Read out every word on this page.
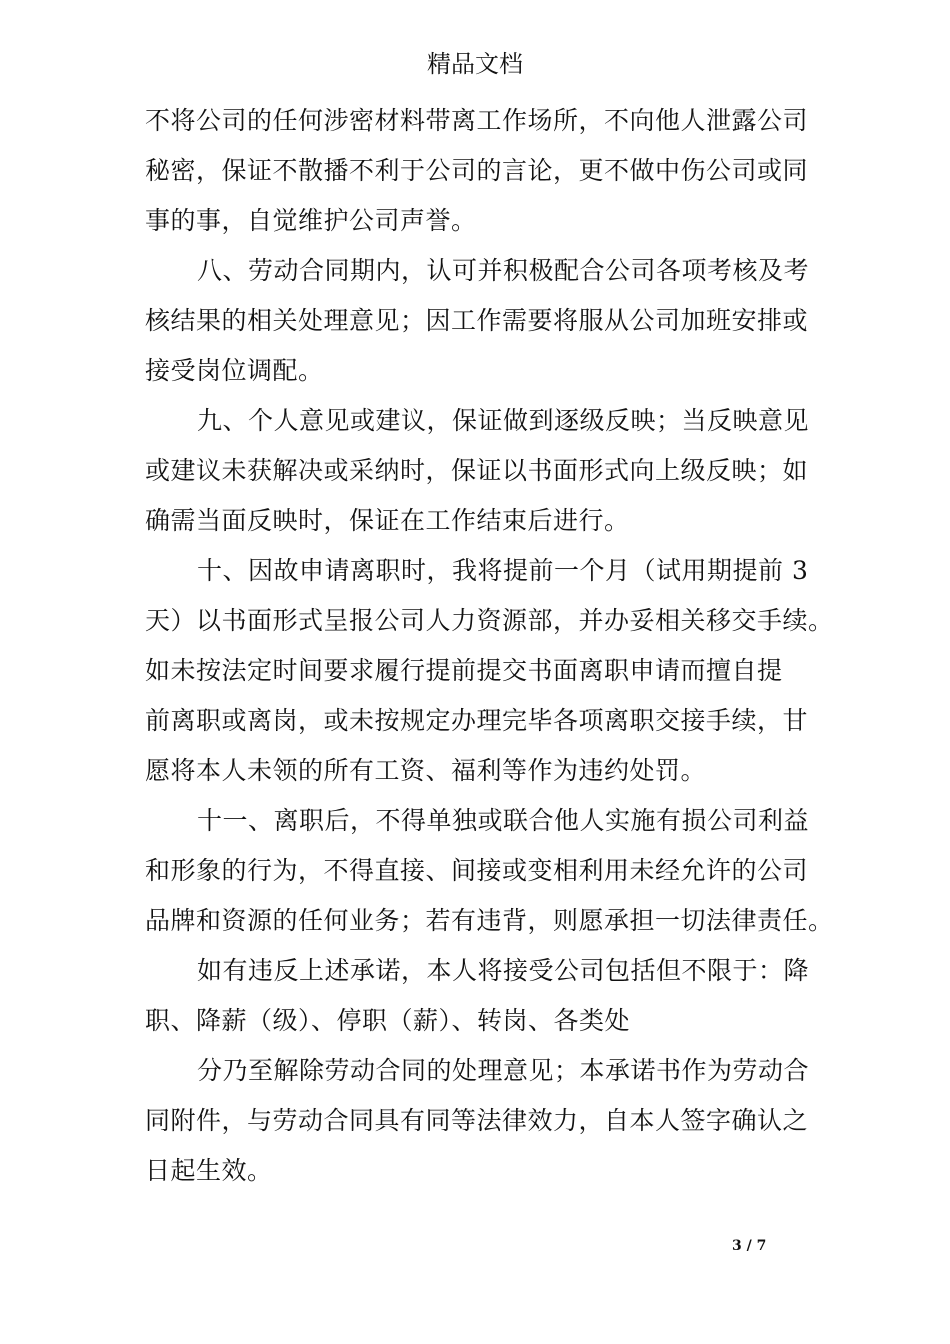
精品文档
不将公司的任何涉密材料带离工作场所，不向他人泄露公司
秘密，保证不散播不利于公司的言论，更不做中伤公司或同
事的事，自觉维护公司声誉。
八、劳动合同期内，认可并积极配合公司各项考核及考
核结果的相关处理意见；因工作需要将服从公司加班安排或
接受岗位调配。
九、个人意见或建议，保证做到逐级反映；当反映意见
或建议未获解决或采纳时，保证以书面形式向上级反映；如
确需当面反映时，保证在工作结束后进行。
十、因故申请离职时，我将提前一个月（试用期提前 3
天）以书面形式呈报公司人力资源部，并办妥相关移交手续。
如未按法定时间要求履行提前提交书面离职申请而擅自提
前离职或离岗，或未按规定办理完毕各项离职交接手续，甘
愿将本人未领的所有工资、福利等作为违约处罚。
十一、离职后，不得单独或联合他人实施有损公司利益
和形象的行为，不得直接、间接或变相利用未经允许的公司
品牌和资源的任何业务；若有违背，则愿承担一切法律责任。
如有违反上述承诺，本人将接受公司包括但不限于：降
职、降薪（级）、停职（薪）、转岗、各类处
分乃至解除劳动合同的处理意见；本承诺书作为劳动合
同附件，与劳动合同具有同等法律效力，自本人签字确认之
日起生效。
3 / 7
